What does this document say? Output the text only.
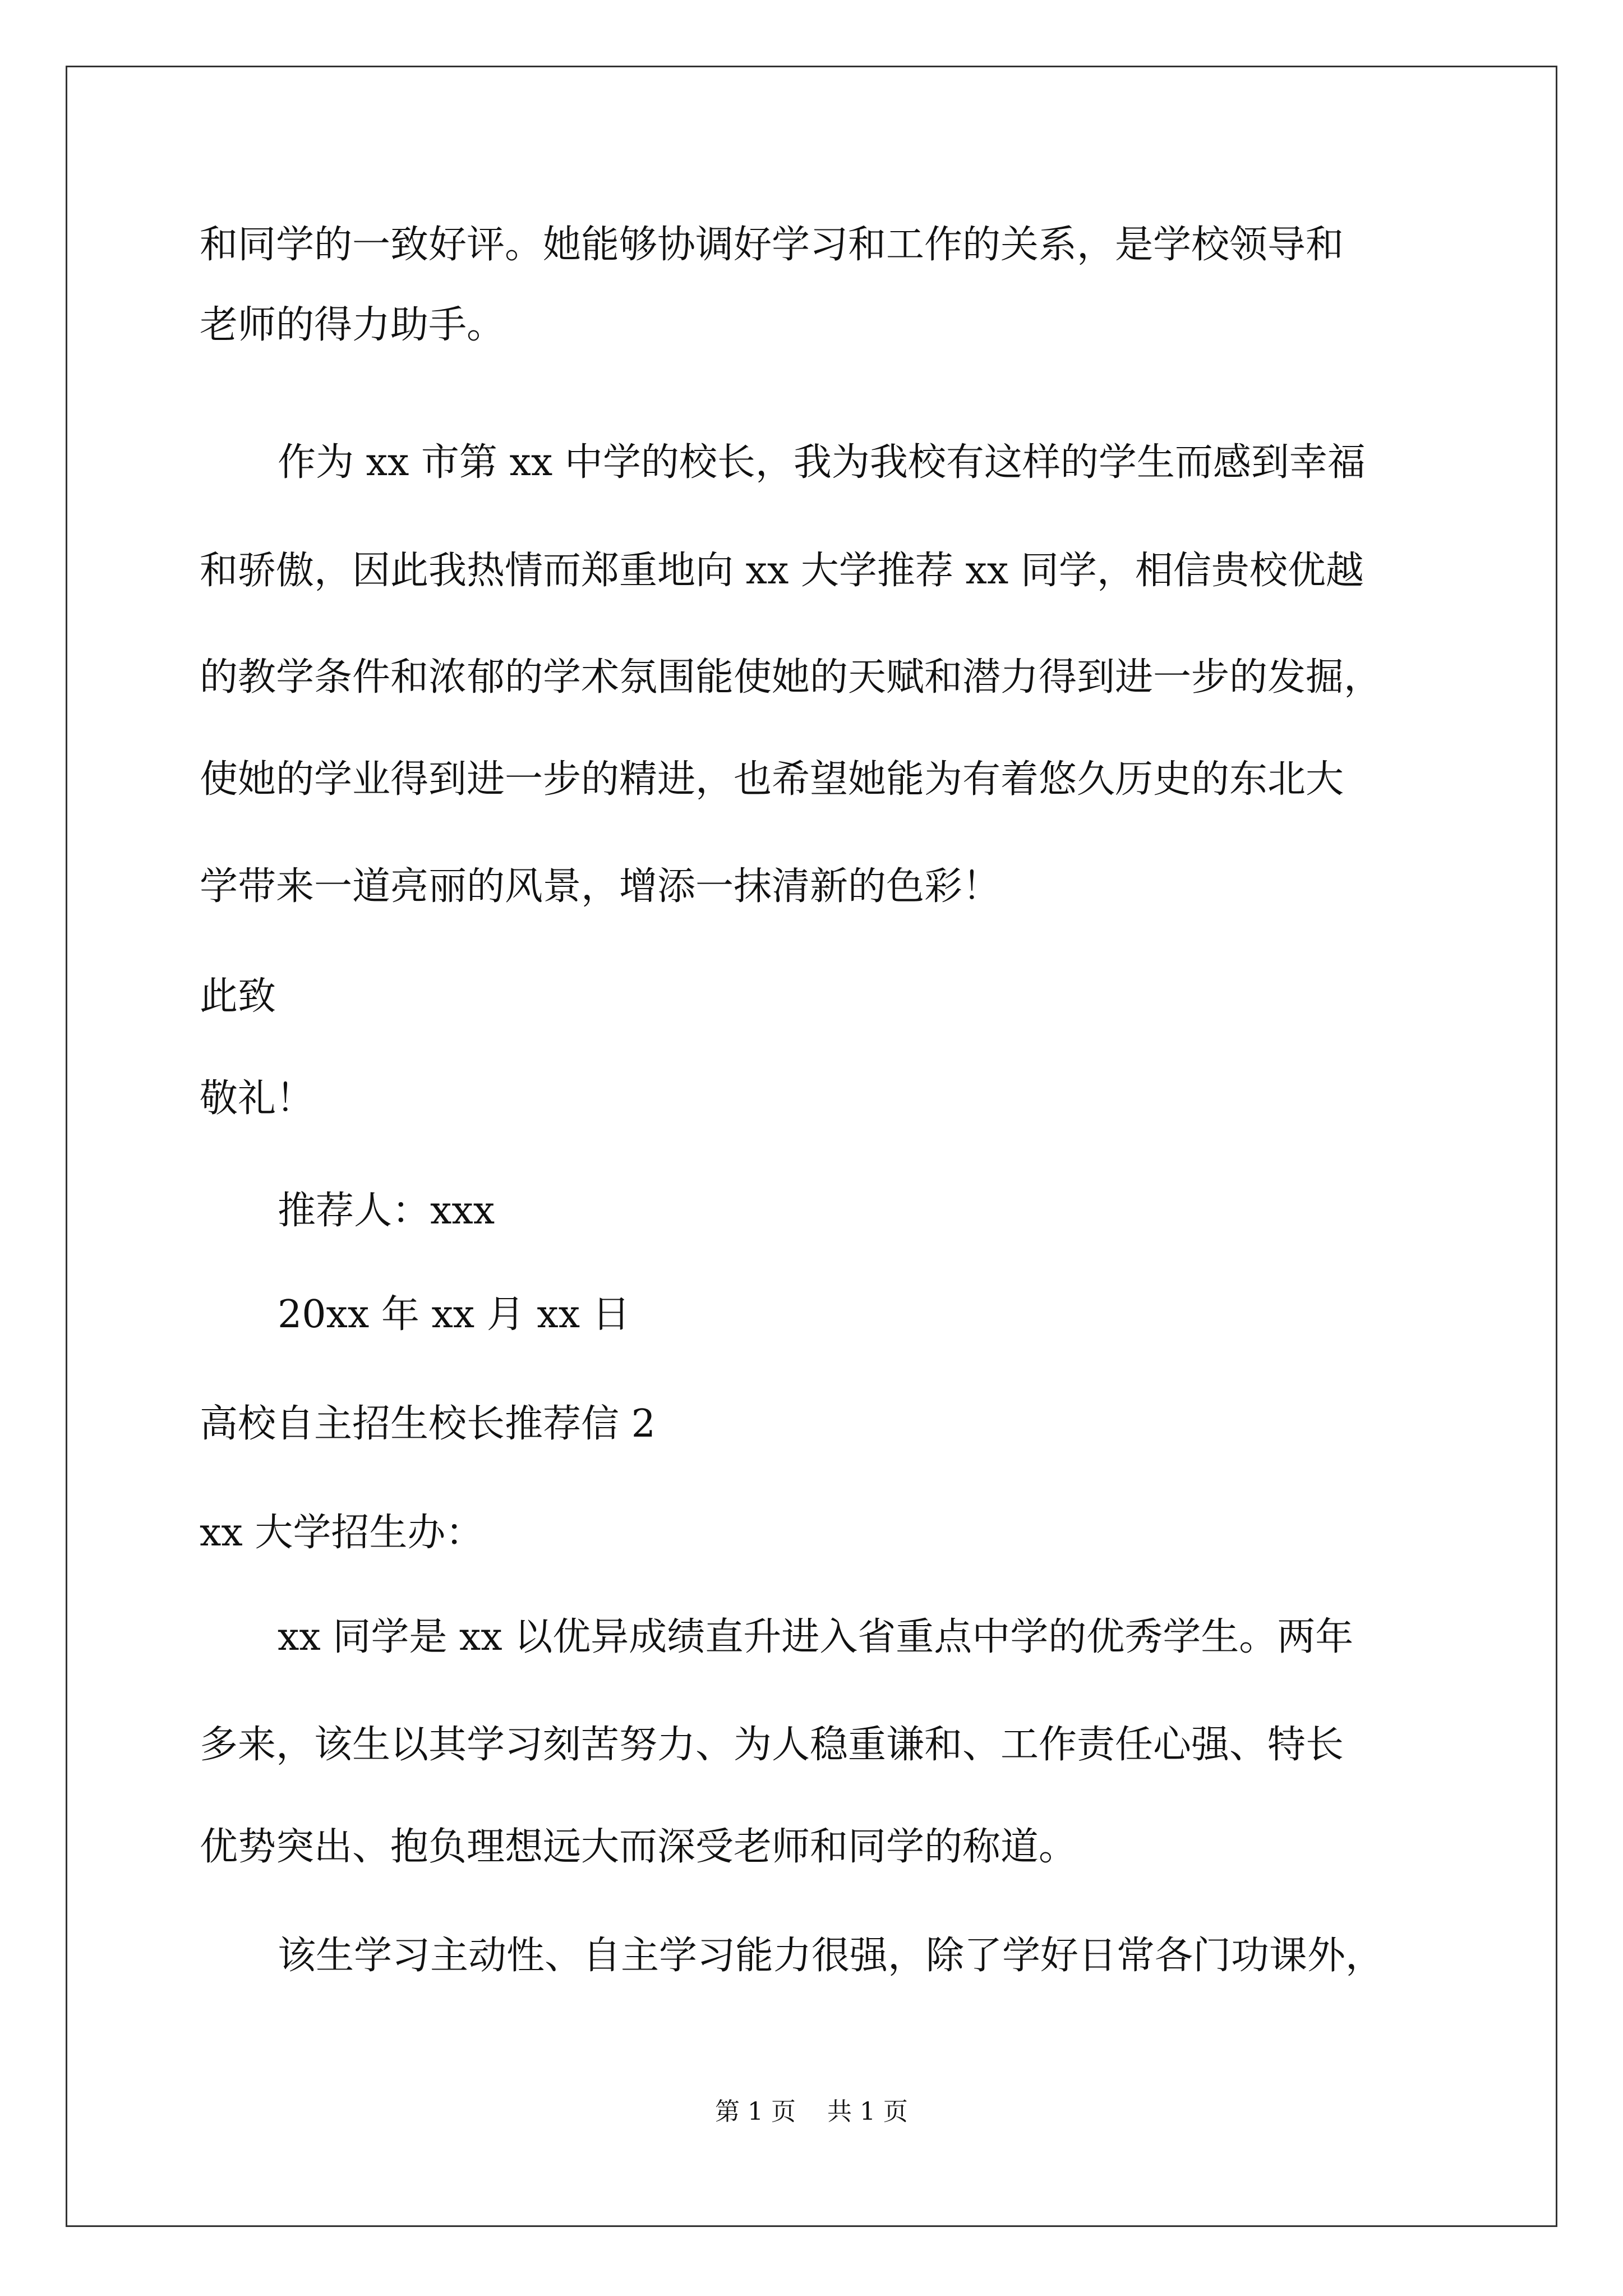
和同学的一致好评。她能够协调好学习和工作的关系，是学校领导和
老师的得力助手。
作为 xx 市第 xx 中学的校长，我为我校有这样的学生而感到幸福
和骄傲，因此我热情而郑重地向 xx 大学推荐 xx 同学，相信贵校优越
的教学条件和浓郁的学术氛围能使她的天赋和潜力得到进一步的发掘，
使她的学业得到进一步的精进，也希望她能为有着悠久历史的东北大
学带来一道亮丽的风景，增添一抹清新的色彩！
此致
敬礼！
推荐人：xxx
20xx 年 xx 月 xx 日
高校自主招生校长推荐信 2
xx 大学招生办：
xx 同学是 xx 以优异成绩直升进入省重点中学的优秀学生。两年
多来，该生以其学习刻苦努力、为人稳重谦和、工作责任心强、特长
优势突出、抱负理想远大而深受老师和同学的称道。
该生学习主动性、自主学习能力很强，除了学好日常各门功课外，
第 1 页    共 1 页
